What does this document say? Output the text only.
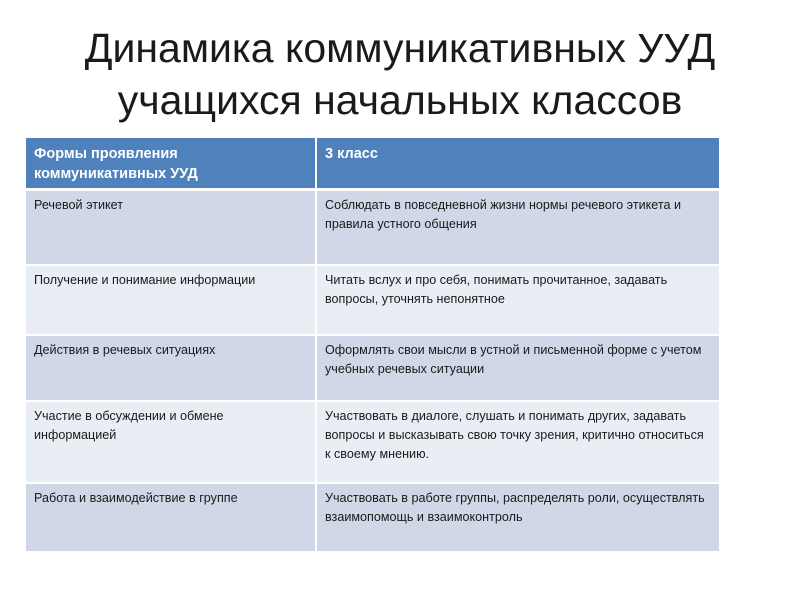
Динамика коммуникативных УУД
учащихся начальных классов
Формы проявления коммуникативных УУД	3 класс
Речевой этикет	Соблюдать в повседневной жизни нормы речевого этикета и правила устного общения
Получение и понимание информации	Читать вслух и про себя, понимать прочитанное, задавать вопросы, уточнять непонятное
Действия в речевых ситуациях	Оформлять свои мысли в устной и письменной форме с учетом учебных речевых ситуации
Участие в обсуждении и обмене информацией	Участвовать в диалоге, слушать и понимать других, задавать вопросы и высказывать свою точку зрения, критично относиться к своему мнению.
Работа и взаимодействие в группе	Участвовать в работе группы, распределять роли, осуществлять взаимопомощь и взаимоконтроль
